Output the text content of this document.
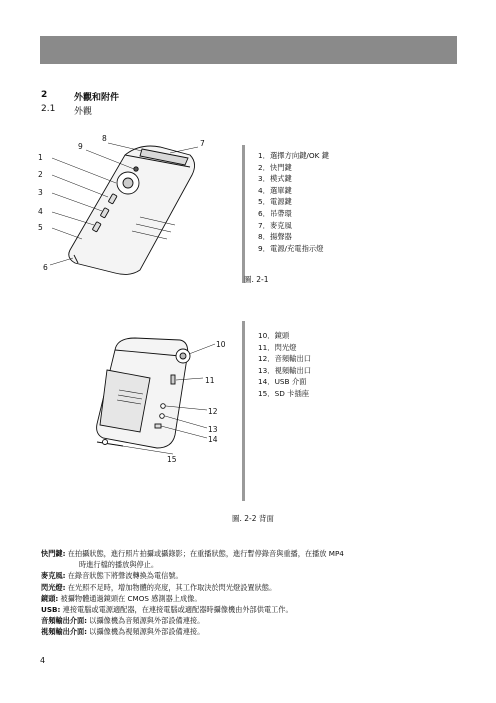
2	外觀和附件
2.1 外觀
1
2
3
4
5
6
7
8
9
1．選擇方向鍵/OK 鍵
2．快門鍵
3．模式鍵
4．選單鍵
5．電源鍵
6．吊帶環
7．麥克風
8．揚聲器
9．電源/充電指示燈
圖. 2-1
10
11
12
13
14
15
10．鏡頭
11．閃光燈
12．音頻輸出口
13．視頻輸出口
14．USB 介面
15．SD 卡插座
圖. 2-2 背面
快門鍵: 在拍攝狀態，進行照片拍攝或攝錄影；在重播狀態，進行暫停錄音與重播，在播放 MP4
時進行檔的播放與停止。
麥克風: 在錄音狀態下將聲波轉換為電信號。
閃光燈: 在光照不足時，增加物體的亮度，其工作取決於閃光燈設置狀態。
鏡頭: 被攝物體通過鏡頭在 CMOS 感測器上成像。
USB: 連接電腦或電源適配器，在連接電腦或適配器時攝像機由外部供電工作。
音頻輸出介面: 以攝像機為音頻源與外部設備連接。
視頻輸出介面: 以攝像機為視頻源與外部設備連接。
4
